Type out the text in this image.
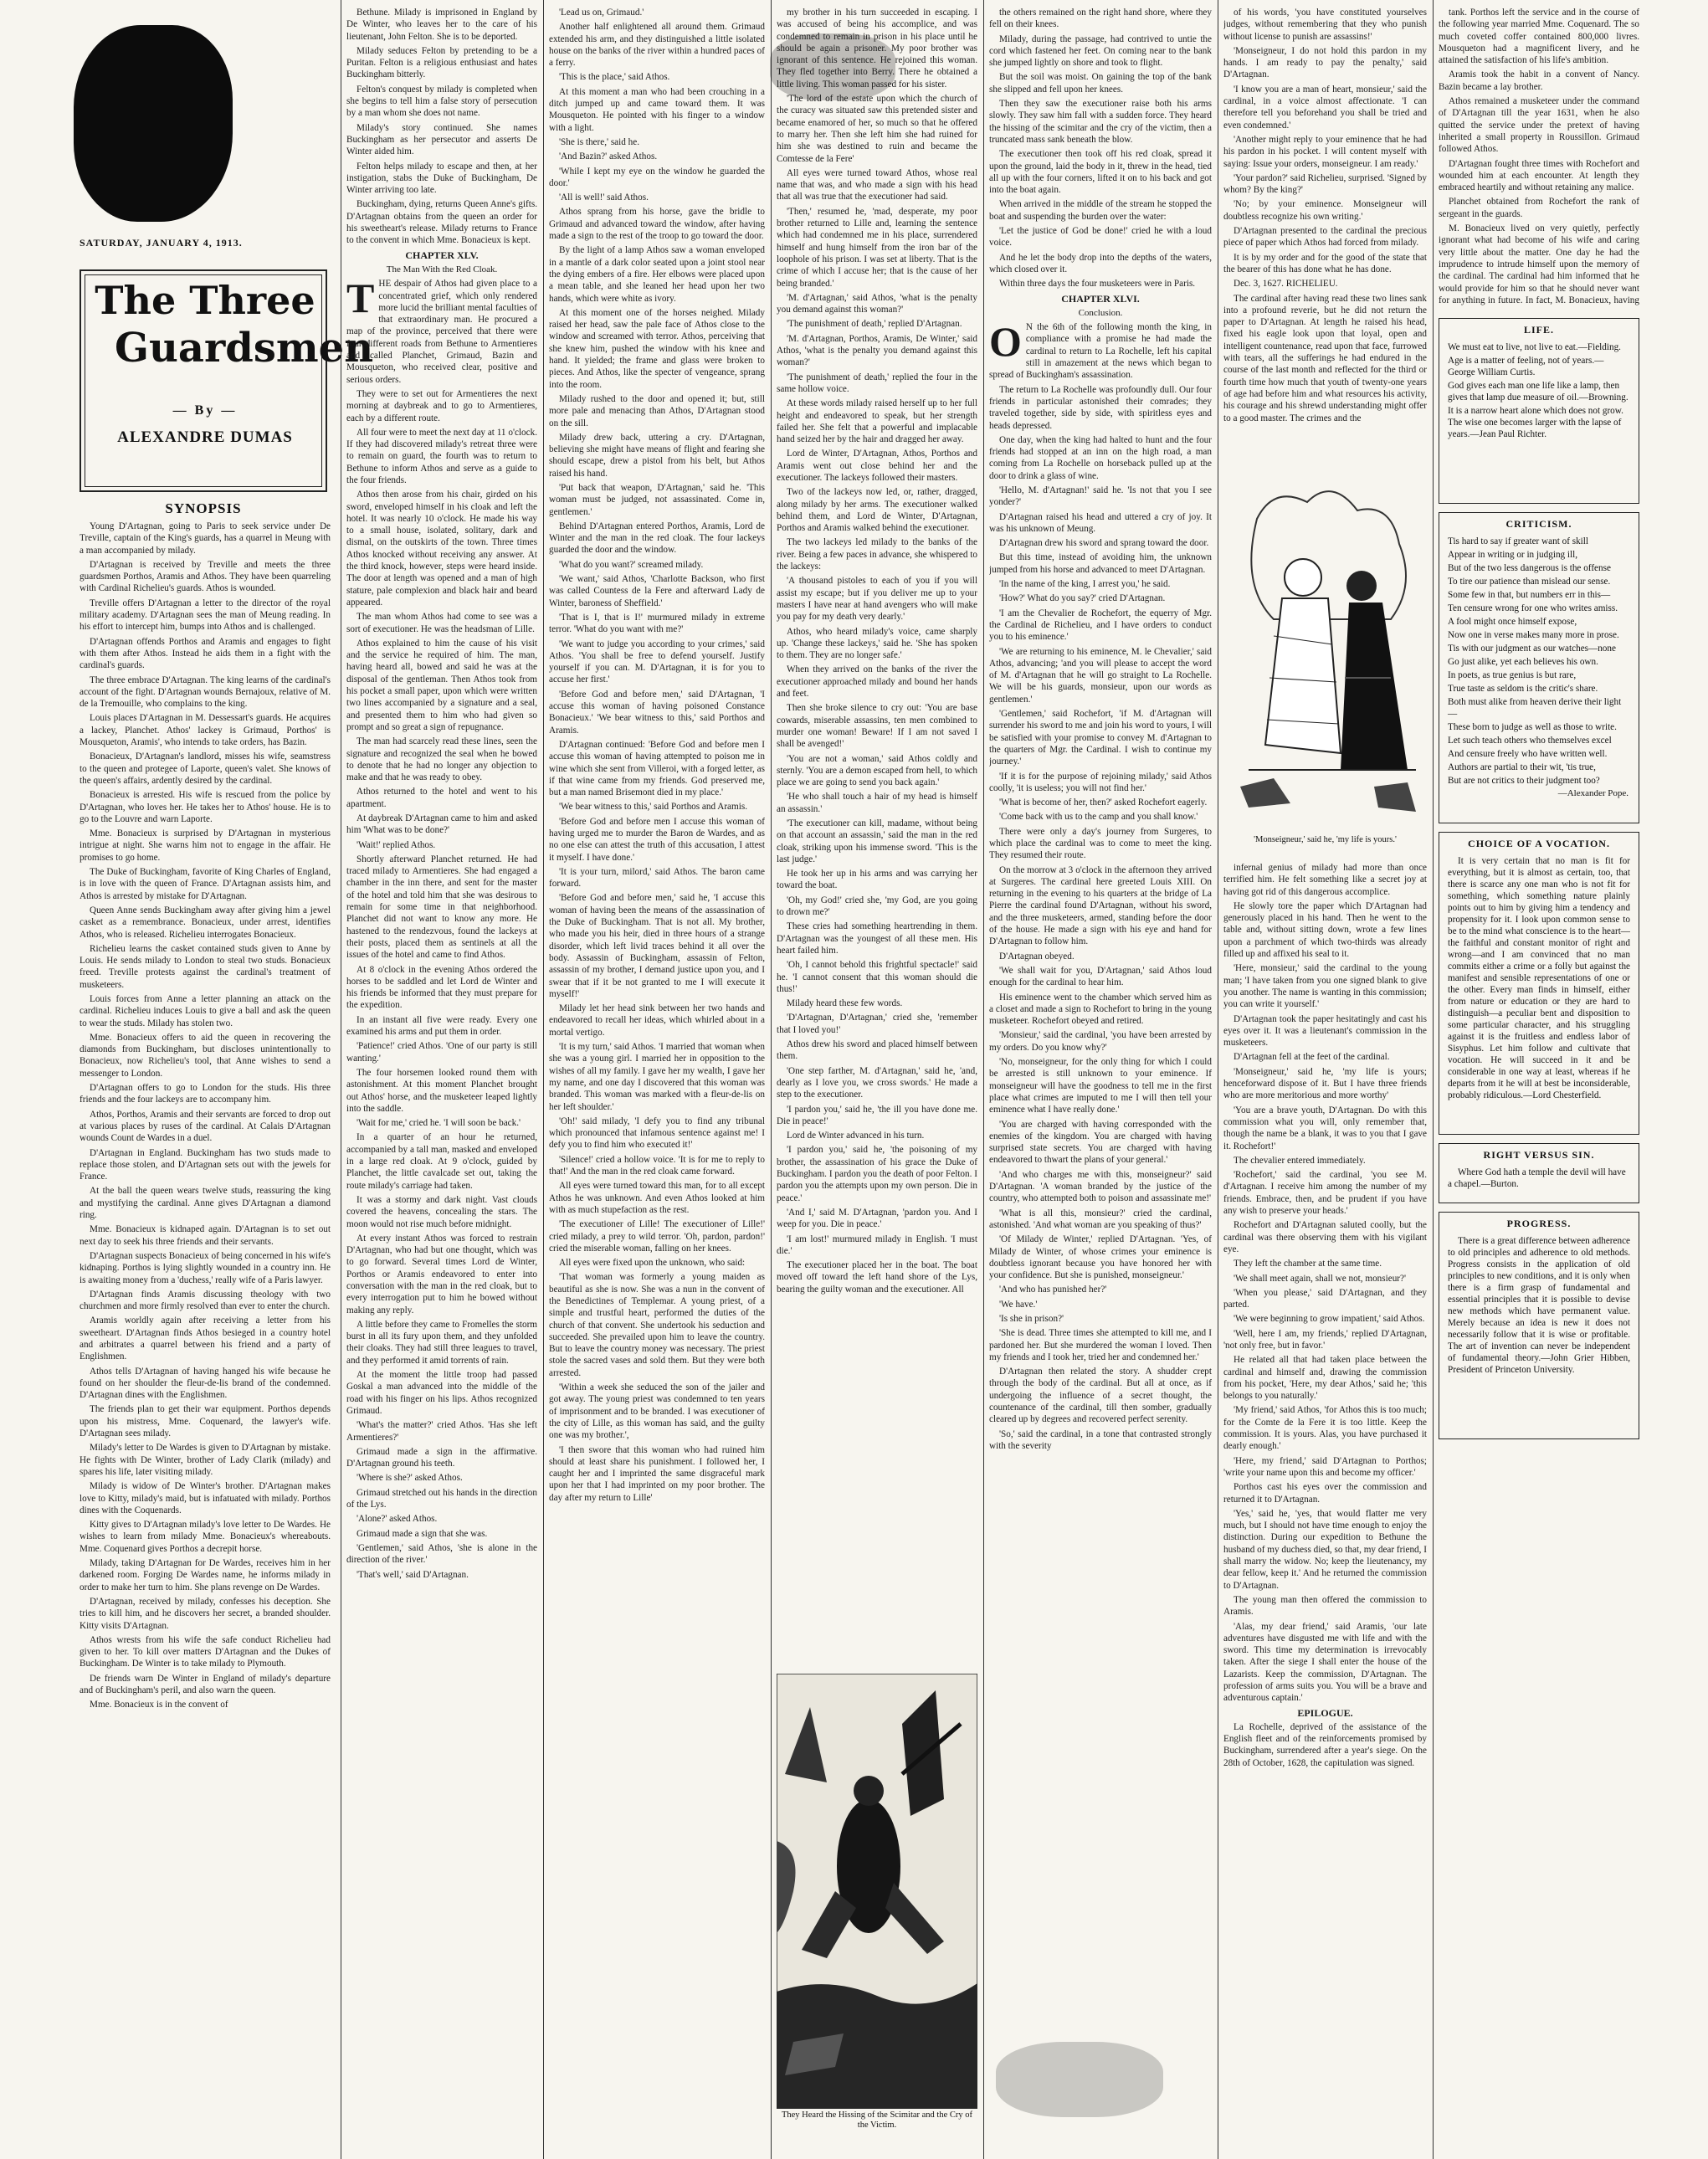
SATURDAY, JANUARY 4, 1913.
The Three
Guardsmen
— By —
ALEXANDRE DUMAS
SYNOPSIS

Young D'Artagnan, going to Paris to seek service under De Treville, captain of the King's guards, has a quarrel in Meung with a man accompanied by milady.

D'Artagnan is received by Treville and meets the three guardsmen Porthos, Aramis and Athos. They have been quarreling with Cardinal Richelieu's guards. Athos is wounded.

Treville offers D'Artagnan a letter to the director of the royal military academy. D'Artagnan sees the man of Meung reading. In his effort to intercept him, bumps into Athos and is challenged.

D'Artagnan offends Porthos and Aramis and engages to fight with them after Athos. Instead he aids them in a fight with the cardinal's guards.

The three embrace D'Artagnan. The king learns of the cardinal's account of the fight. D'Artagnan wounds Bernajoux, relative of M. de la Tremouille, who complains to the king.

Louis places D'Artagnan in M. Dessessart's guards. He acquires a lackey, Planchet. Athos' lackey is Grimaud, Porthos' is Mousqueton, Aramis', who intends to take orders, has Bazin.

Bonacieux, D'Artagnan's landlord, misses his wife, seamstress to the queen and protegee of Laporte, queen's valet. She knows of the queen's affairs, ardently desired by the cardinal.

Bonacieux is arrested. His wife is rescued from the police by D'Artagnan, who loves her. He takes her to Athos' house. He is to go to the Louvre and warn Laporte.

Mme. Bonacieux is surprised by D'Artagnan in mysterious intrigue at night. She warns him not to engage in the affair. He promises to go home.

The Duke of Buckingham, favorite of King Charles of England, is in love with the queen of France. D'Artagnan assists him, and Athos is arrested by mistake for D'Artagnan.

Queen Anne sends Buckingham away after giving him a jewel casket as a remembrance. Bonacieux, under arrest, identifies Athos, who is released. Richelieu interrogates Bonacieux.

Richelieu learns the casket contained studs given to Anne by Louis. He sends milady to London to steal two studs. Bonacieux freed. Treville protests against the cardinal's treatment of musketeers.

Louis forces from Anne a letter planning an attack on the cardinal. Richelieu induces Louis to give a ball and ask the queen to wear the studs. Milady has stolen two.

Mme. Bonacieux offers to aid the queen in recovering the diamonds from Buckingham, but discloses unintentionally to Bonacieux, now Richelieu's tool, that Anne wishes to send a messenger to London.

D'Artagnan offers to go to London for the studs. His three friends and the four lackeys are to accompany him.

Athos, Porthos, Aramis and their servants are forced to drop out at various places by ruses of the cardinal. At Calais D'Artagnan wounds Count de Wardes in a duel.

D'Artagnan in England. Buckingham has two studs made to replace those stolen, and D'Artagnan sets out with the jewels for France.

At the ball the queen wears twelve studs, reassuring the king and mystifying the cardinal. Anne gives D'Artagnan a diamond ring.

Mme. Bonacieux is kidnaped again. D'Artagnan is to set out next day to seek his three friends and their servants.

D'Artagnan suspects Bonacieux of being concerned in his wife's kidnaping. Porthos is lying slightly wounded in a country inn. He is awaiting money from a 'duchess,' really wife of a Paris lawyer.

D'Artagnan finds Aramis discussing theology with two churchmen and more firmly resolved than ever to enter the church.

Aramis worldly again after receiving a letter from his sweetheart. D'Artagnan finds Athos besieged in a country hotel and arbitrates a quarrel between his friend and a party of Englishmen.

Athos tells D'Artagnan of having hanged his wife because he found on her shoulder the fleur-de-lis brand of the condemned. D'Artagnan dines with the Englishmen.

The friends plan to get their war equipment. Porthos depends upon his mistress, Mme. Coquenard, the lawyer's wife. D'Artagnan sees milady.

Milady's letter to De Wardes is given to D'Artagnan by mistake. He fights with De Winter, brother of Lady Clarik (milady) and spares his life, later visiting milady.

Milady is widow of De Winter's brother. D'Artagnan makes love to Kitty, milady's maid, but is infatuated with milady. Porthos dines with the Coquenards.

Kitty gives to D'Artagnan milady's love letter to De Wardes. He wishes to learn from milady Mme. Bonacieux's whereabouts. Mme. Coquenard gives Porthos a decrepit horse.

Milady, taking D'Artagnan for De Wardes, receives him in her darkened room. Forging De Wardes name, he informs milady in order to make her turn to him. She plans revenge on De Wardes.

D'Artagnan, received by milady, confesses his deception. She tries to kill him, and he discovers her secret, a branded shoulder. Kitty visits D'Artagnan.

Athos wrests from his wife the safe conduct Richelieu had given to her. To kill over matters D'Artagnan and the Dukes of Buckingham. De Winter is to take milady to Plymouth.

De friends warn De Winter in England of milady's departure and of Buckingham's peril, and also warn the queen.

Mme. Bonacieux is in the convent of

Bethune. Milady is imprisoned in England by De Winter, who leaves her to the care of his lieutenant, John Felton. She is to be deported.

Milady seduces Felton by pretending to be a Puritan. Felton is a religious enthusiast and hates Buckingham bitterly.

Felton's conquest by milady is completed when she begins to tell him a false story of persecution by a man whom she does not name.

Milady's story continued. She names Buckingham as her persecutor and asserts De Winter aided him.

Felton helps milady to escape and then, at her instigation, stabs the Duke of Buckingham, De Winter arriving too late.

Buckingham, dying, returns Queen Anne's gifts. D'Artagnan obtains from the queen an order for his sweetheart's release. Milady returns to France to the convent in which Mme. Bonacieux is kept.

CHAPTER XLV.

The Man With the Red Cloak.

THE despair of Athos had given place to a concentrated grief, which only rendered more lucid the brilliant mental faculties of that extraordinary man. He procured a map of the province, perceived that there were four different roads from Bethune to Armentieres and called Planchet, Grimaud, Bazin and Mousqueton, who received clear, positive and serious orders.

They were to set out for Armentieres the next morning at daybreak and to go to Armentieres, each by a different route.

All four were to meet the next day at 11 o'clock. If they had discovered milady's retreat three were to remain on guard, the fourth was to return to Bethune to inform Athos and serve as a guide to the four friends.

Athos then arose from his chair, girded on his sword, enveloped himself in his cloak and left the hotel. It was nearly 10 o'clock. He made his way to a small house, isolated, solitary, dark and dismal, on the outskirts of the town. Three times Athos knocked without receiving any answer. At the third knock, however, steps were heard inside. The door at length was opened and a man of high stature, pale complexion and black hair and beard appeared.

The man whom Athos had come to see was a sort of executioner. He was the headsman of Lille.

Athos explained to him the cause of his visit and the service he required of him. The man, having heard all, bowed and said he was at the disposal of the gentleman. Then Athos took from his pocket a small paper, upon which were written two lines accompanied by a signature and a seal, and presented them to him who had given so prompt and so great a sign of repugnance.

The man had scarcely read these lines, seen the signature and recognized the seal when he bowed to denote that he had no longer any objection to make and that he was ready to obey.

Athos returned to the hotel and went to his apartment.

At daybreak D'Artagnan came to him and asked him 'What was to be done?'

'Wait!' replied Athos.

Shortly afterward Planchet returned. He had traced milady to Armentieres. She had engaged a chamber in the inn there, and sent for the master of the hotel and told him that she was desirous to remain for some time in that neighborhood. Planchet did not want to know any more. He hastened to the rendezvous, found the lackeys at their posts, placed them as sentinels at all the issues of the hotel and came to find Athos.

At 8 o'clock in the evening Athos ordered the horses to be saddled and let Lord de Winter and his friends be informed that they must prepare for the expedition.

In an instant all five were ready. Every one examined his arms and put them in order.

'Patience!' cried Athos. 'One of our party is still wanting.'

The four horsemen looked round them with astonishment. At this moment Planchet brought out Athos' horse, and the musketeer leaped lightly into the saddle.

'Wait for me,' cried he. 'I will soon be back.'

In a quarter of an hour he returned, accompanied by a tall man, masked and enveloped in a large red cloak. At 9 o'clock, guided by Planchet, the little cavalcade set out, taking the route milady's carriage had taken.

It was a stormy and dark night. Vast clouds covered the heavens, concealing the stars. The moon would not rise much before midnight.

At every instant Athos was forced to restrain D'Artagnan, who had but one thought, which was to go forward. Several times Lord de Winter, Porthos or Aramis endeavored to enter into conversation with the man in the red cloak, but to every interrogation put to him he bowed without making any reply.

A little before they came to Fromelles the storm burst in all its fury upon them, and they unfolded their cloaks. They had still three leagues to travel, and they performed it amid torrents of rain.

At the moment the little troop had passed Goskal a man advanced into the middle of the road with his finger on his lips. Athos recognized Grimaud.

'What's the matter?' cried Athos. 'Has she left Armentieres?'

Grimaud made a sign in the affirmative. D'Artagnan ground his teeth.

'Where is she?' asked Athos.

Grimaud stretched out his hands in the direction of the Lys.

'Alone?' asked Athos.

Grimaud made a sign that she was.

'Gentlemen,' said Athos, 'she is alone in the direction of the river.'

'That's well,' said D'Artagnan.

'Lead us on, Grimaud.'

Another half enlightened all around them. Grimaud extended his arm, and they distinguished a little isolated house on the banks of the river within a hundred paces of a ferry.

'This is the place,' said Athos.

At this moment a man who had been crouching in a ditch jumped up and came toward them. It was Mousqueton. He pointed with his finger to a window with a light.

'She is there,' said he.

'And Bazin?' asked Athos.

'While I kept my eye on the window he guarded the door.'

'All is well!' said Athos.

Athos sprang from his horse, gave the bridle to Grimaud and advanced toward the window, after having made a sign to the rest of the troop to go toward the door.

By the light of a lamp Athos saw a woman enveloped in a mantle of a dark color seated upon a joint stool near the dying embers of a fire. Her elbows were placed upon a mean table, and she leaned her head upon her two hands, which were white as ivory.

At this moment one of the horses neighed. Milady raised her head, saw the pale face of Athos close to the window and screamed with terror. Athos, perceiving that she knew him, pushed the window with his knee and hand. It yielded; the frame and glass were broken to pieces. And Athos, like the specter of vengeance, sprang into the room.

Milady rushed to the door and opened it; but, still more pale and menacing than Athos, D'Artagnan stood on the sill.

Milady drew back, uttering a cry. D'Artagnan, believing she might have means of flight and fearing she should escape, drew a pistol from his belt, but Athos raised his hand.

'Put back that weapon, D'Artagnan,' said he. 'This woman must be judged, not assassinated. Come in, gentlemen.'

Behind D'Artagnan entered Porthos, Aramis, Lord de Winter and the man in the red cloak. The four lackeys guarded the door and the window.

'What do you want?' screamed milady.

'We want,' said Athos, 'Charlotte Backson, who first was called Countess de la Fere and afterward Lady de Winter, baroness of Sheffield.'

'That is I, that is I!' murmured milady in extreme terror. 'What do you want with me?'

'We want to judge you according to your crimes,' said Athos. 'You shall be free to defend yourself. Justify yourself if you can. M. D'Artagnan, it is for you to accuse her first.'

'Before God and before men,' said D'Artagnan, 'I accuse this woman of having poisoned Constance Bonacieux.' 'We bear witness to this,' said Porthos and Aramis.

D'Artagnan continued: 'Before God and before men I accuse this woman of having attempted to poison me in wine which she sent from Villeroi, with a forged letter, as if that wine came from my friends. God preserved me, but a man named Brisemont died in my place.'

'We bear witness to this,' said Porthos and Aramis.

'Before God and before men I accuse this woman of having urged me to murder the Baron de Wardes, and as no one else can attest the truth of this accusation, I attest it myself. I have done.'

'It is your turn, milord,' said Athos. The baron came forward.

'Before God and before men,' said he, 'I accuse this woman of having been the means of the assassination of the Duke of Buckingham. That is not all. My brother, who made you his heir, died in three hours of a strange disorder, which left livid traces behind it all over the body. Assassin of Buckingham, assassin of Felton, assassin of my brother, I demand justice upon you, and I swear that if it be not granted to me I will execute it myself!'

Milady let her head sink between her two hands and endeavored to recall her ideas, which whirled about in a mortal vertigo.

'It is my turn,' said Athos. 'I married that woman when she was a young girl. I married her in opposition to the wishes of all my family. I gave her my wealth, I gave her my name, and one day I discovered that this woman was branded. This woman was marked with a fleur-de-lis on her left shoulder.'

'Oh!' said milady, 'I defy you to find any tribunal which pronounced that infamous sentence against me! I defy you to find him who executed it!'

'Silence!' cried a hollow voice. 'It is for me to reply to that!' And the man in the red cloak came forward.

All eyes were turned toward this man, for to all except Athos he was unknown. And even Athos looked at him with as much stupefaction as the rest.

'The executioner of Lille! The executioner of Lille!' cried milady, a prey to wild terror. 'Oh, pardon, pardon!' cried the miserable woman, falling on her knees.

All eyes were fixed upon the unknown, who said:

'That woman was formerly a young maiden as beautiful as she is now. She was a nun in the convent of the Benedictines of Templemar. A young priest, of a simple and trustful heart, performed the duties of the church of that convent. She undertook his seduction and succeeded. She prevailed upon him to leave the country. But to leave the country money was necessary. The priest stole the sacred vases and sold them. But they were both arrested.

'Within a week she seduced the son of the jailer and got away. The young priest was condemned to ten years of imprisonment and to be branded. I was executioner of the city of Lille, as this woman has said, and the guilty one was my brother.',

'I then swore that this woman who had ruined him should at least share his punishment. I followed her, I caught her and I imprinted the same disgraceful mark upon her that I had imprinted on my poor brother. The day after my return to Lille'

my brother in his turn succeeded in escaping. I was accused of being his accomplice, and was condemned to remain in prison in his place until he should be again a prisoner. My poor brother was ignorant of this sentence. He rejoined this woman. They fled together into Berry. There he obtained a little living. This woman passed for his sister.

'The lord of the estate upon which the church of the curacy was situated saw this pretended sister and became enamored of her, so much so that he offered to marry her. Then she left him she had ruined for him she was destined to ruin and became the Comtesse de la Fere'

All eyes were turned toward Athos, whose real name that was, and who made a sign with his head that all was true that the executioner had said.

'Then,' resumed he, 'mad, desperate, my poor brother returned to Lille and, learning the sentence which had condemned me in his place, surrendered himself and hung himself from the iron bar of the loophole of his prison. I was set at liberty. That is the crime of which I accuse her; that is the cause of her being branded.'

'M. d'Artagnan,' said Athos, 'what is the penalty you demand against this woman?'

'The punishment of death,' replied D'Artagnan.

'M. d'Artagnan, Porthos, Aramis, De Winter,' said Athos, 'what is the penalty you demand against this woman?'

'The punishment of death,' replied the four in the same hollow voice.

At these words milady raised herself up to her full height and endeavored to speak, but her strength failed her. She felt that a powerful and implacable hand seized her by the hair and dragged her away.

Lord de Winter, D'Artagnan, Athos, Porthos and Aramis went out close behind her and the executioner. The lackeys followed their masters.

Two of the lackeys now led, or, rather, dragged, along milady by her arms. The executioner walked behind them, and Lord de Winter, D'Artagnan, Porthos and Aramis walked behind the executioner.

The two lackeys led milady to the banks of the river. Being a few paces in advance, she whispered to the lackeys:

'A thousand pistoles to each of you if you will assist my escape; but if you deliver me up to your masters I have near at hand avengers who will make you pay for my death very dearly.'

Athos, who heard milady's voice, came sharply up. 'Change these lackeys,' said he. 'She has spoken to them. They are no longer safe.'

When they arrived on the banks of the river the executioner approached milady and bound her hands and feet.

Then she broke silence to cry out: 'You are base cowards, miserable assassins, ten men combined to murder one woman! Beware! If I am not saved I shall be avenged!'

'You are not a woman,' said Athos coldly and sternly. 'You are a demon escaped from hell, to which place we are going to send you back again.'

'He who shall touch a hair of my head is himself an assassin.'

'The executioner can kill, madame, without being on that account an assassin,' said the man in the red cloak, striking upon his immense sword. 'This is the last judge.'

He took her up in his arms and was carrying her toward the boat.

'Oh, my God!' cried she, 'my God, are you going to drown me?'

These cries had something heartrending in them. D'Artagnan was the youngest of all these men. His heart failed him.

'Oh, I cannot behold this frightful spectacle!' said he. 'I cannot consent that this woman should die thus!'

Milady heard these few words.

'D'Artagnan, D'Artagnan,' cried she, 'remember that I loved you!'

Athos drew his sword and placed himself between them.

'One step farther, M. d'Artagnan,' said he, 'and, dearly as I love you, we cross swords.' He made a step to the executioner.

'I pardon you,' said he, 'the ill you have done me. Die in peace!'

Lord de Winter advanced in his turn.

'I pardon you,' said he, 'the poisoning of my brother, the assassination of his grace the Duke of Buckingham. I pardon you the death of poor Felton. I pardon you the attempts upon my own person. Die in peace.'

'And I,' said M. D'Artagnan, 'pardon you. And I weep for you. Die in peace.'

'I am lost!' murmured milady in English. 'I must die.'

The executioner placed her in the boat. The boat moved off toward the left hand shore of the Lys, bearing the guilty woman and the executioner. All

They Heard the Hissing of the Scimitar and the Cry of the Victim.

the others remained on the right hand shore, where they fell on their knees.

Milady, during the passage, had contrived to untie the cord which fastened her feet. On coming near to the bank she jumped lightly on shore and took to flight.

But the soil was moist. On gaining the top of the bank she slipped and fell upon her knees.

Then they saw the executioner raise both his arms slowly. They saw him fall with a sudden force. They heard the hissing of the scimitar and the cry of the victim, then a truncated mass sank beneath the blow.

The executioner then took off his red cloak, spread it upon the ground, laid the body in it, threw in the head, tied all up with the four corners, lifted it on to his back and got into the boat again.

When arrived in the middle of the stream he stopped the boat and suspending the burden over the water:

'Let the justice of God be done!' cried he with a loud voice.

And he let the body drop into the depths of the waters, which closed over it.

Within three days the four musketeers were in Paris.

CHAPTER XLVI.

Conclusion.

O N the 6th of the following month the king, in compliance with a promise he had made the cardinal to return to La Rochelle, left his capital still in amazement at the news which began to spread of Buckingham's assassination.

The return to La Rochelle was profoundly dull. Our four friends in particular astonished their comrades; they traveled together, side by side, with spiritless eyes and heads depressed.

One day, when the king had halted to hunt and the four friends had stopped at an inn on the high road, a man coming from La Rochelle on horseback pulled up at the door to drink a glass of wine.

'Hello, M. d'Artagnan!' said he. 'Is not that you I see yonder?'

D'Artagnan raised his head and uttered a cry of joy. It was his unknown of Meung.

D'Artagnan drew his sword and sprang toward the door.

But this time, instead of avoiding him, the unknown jumped from his horse and advanced to meet D'Artagnan.

'In the name of the king, I arrest you,' he said.

'How?' What do you say?' cried D'Artagnan.

'I am the Chevalier de Rochefort, the equerry of Mgr. the Cardinal de Richelieu, and I have orders to conduct you to his eminence.'

'We are returning to his eminence, M. le Chevalier,' said Athos, advancing; 'and you will please to accept the word of M. d'Artagnan that he will go straight to La Rochelle. We will be his guards, monsieur, upon our words as gentlemen.'

'Gentlemen,' said Rochefort, 'if M. d'Artagnan will surrender his sword to me and join his word to yours, I will be satisfied with your promise to convey M. d'Artagnan to the quarters of Mgr. the Cardinal. I wish to continue my journey.'

'If it is for the purpose of rejoining milady,' said Athos coolly, 'it is useless; you will not find her.'

'What is become of her, then?' asked Rochefort eagerly.

'Come back with us to the camp and you shall know.'

There were only a day's journey from Surgeres, to which place the cardinal was to come to meet the king. They resumed their route.

On the morrow at 3 o'clock in the afternoon they arrived at Surgeres. The cardinal here greeted Louis XIII. On returning in the evening to his quarters at the bridge of La Pierre the cardinal found D'Artagnan, without his sword, and the three musketeers, armed, standing before the door of the house. He made a sign with his eye and hand for D'Artagnan to follow him.

D'Artagnan obeyed.

'We shall wait for you, D'Artagnan,' said Athos loud enough for the cardinal to hear him.

His eminence went to the chamber which served him as a closet and made a sign to Rochefort to bring in the young musketeer. Rochefort obeyed and retired.

'Monsieur,' said the cardinal, 'you have been arrested by my orders. Do you know why?'

'No, monseigneur, for the only thing for which I could be arrested is still unknown to your eminence. If monseigneur will have the goodness to tell me in the first place what crimes are imputed to me I will then tell your eminence what I have really done.'

'You are charged with having corresponded with the enemies of the kingdom. You are charged with having surprised state secrets. You are charged with having endeavored to thwart the plans of your general.'

'And who charges me with this, monseigneur?' said D'Artagnan. 'A woman branded by the justice of the country, who attempted both to poison and assassinate me!'

'What is all this, monsieur?' cried the cardinal, astonished. 'And what woman are you speaking of thus?'

'Of Milady de Winter,' replied D'Artagnan. 'Yes, of Milady de Winter, of whose crimes your eminence is doubtless ignorant because you have honored her with your confidence. But she is punished, monseigneur.'

'And who has punished her?'

'We have.'

'Is she in prison?'

'She is dead. Three times she attempted to kill me, and I pardoned her. But she murdered the woman I loved. Then my friends and I took her, tried her and condemned her.'

D'Artagnan then related the story. A shudder crept through the body of the cardinal. But all at once, as if undergoing the influence of a secret thought, the countenance of the cardinal, till then somber, gradually cleared up by degrees and recovered perfect serenity.

'So,' said the cardinal, in a tone that contrasted strongly with the severity

of his words, 'you have constituted yourselves judges, without remembering that they who punish without license to punish are assassins!'

'Monseigneur, I do not hold this pardon in my hands. I am ready to pay the penalty,' said D'Artagnan.

'I know you are a man of heart, monsieur,' said the cardinal, in a voice almost affectionate. 'I can therefore tell you beforehand you shall be tried and even condemned.'

'Another might reply to your eminence that he had his pardon in his pocket. I will content myself with saying: Issue your orders, monseigneur. I am ready.'

'Your pardon?' said Richelieu, surprised. 'Signed by whom? By the king?'

'No; by your eminence. Monseigneur will doubtless recognize his own writing.'

D'Artagnan presented to the cardinal the precious piece of paper which Athos had forced from milady.

It is by my order and for the good of the state that the bearer of this has done what he has done.

Dec. 3, 1627. RICHELIEU.

The cardinal after having read these two lines sank into a profound reverie, but he did not return the paper to D'Artagnan. At length he raised his head, fixed his eagle look upon that loyal, open and intelligent countenance, read upon that face, furrowed with tears, all the sufferings he had endured in the course of the last month and reflected for the third or fourth time how much that youth of twenty-one years of age had before him and what resources his activity, his courage and his shrewd understanding might offer to a good master. The crimes and the

'Monseigneur,' said he, 'my life is yours.'

infernal genius of milady had more than once terrified him. He felt something like a secret joy at having got rid of this dangerous accomplice.

He slowly tore the paper which D'Artagnan had generously placed in his hand. Then he went to the table and, without sitting down, wrote a few lines upon a parchment of which two-thirds was already filled up and affixed his seal to it.

'Here, monsieur,' said the cardinal to the young man; 'I have taken from you one signed blank to give you another. The name is wanting in this commission; you can write it yourself.'

D'Artagnan took the paper hesitatingly and cast his eyes over it. It was a lieutenant's commission in the musketeers.

D'Artagnan fell at the feet of the cardinal.

'Monseigneur,' said he, 'my life is yours; henceforward dispose of it. But I have three friends who are more meritorious and more worthy'

'You are a brave youth, D'Artagnan. Do with this commission what you will, only remember that, though the name be a blank, it was to you that I gave it. Rochefort!'

The chevalier entered immediately.

'Rochefort,' said the cardinal, 'you see M. d'Artagnan. I receive him among the number of my friends. Embrace, then, and be prudent if you have any wish to preserve your heads.'

Rochefort and D'Artagnan saluted coolly, but the cardinal was there observing them with his vigilant eye.

They left the chamber at the same time.

'We shall meet again, shall we not, monsieur?'

'When you please,' said D'Artagnan, and they parted.

'We were beginning to grow impatient,' said Athos.

'Well, here I am, my friends,' replied D'Artagnan, 'not only free, but in favor.'

He related all that had taken place between the cardinal and himself and, drawing the commission from his pocket, 'Here, my dear Athos,' said he; 'this belongs to you naturally.'

'My friend,' said Athos, 'for Athos this is too much; for the Comte de la Fere it is too little. Keep the commission. It is yours. Alas, you have purchased it dearly enough.'

'Here, my friend,' said D'Artagnan to Porthos; 'write your name upon this and become my officer.'

Porthos cast his eyes over the commission and returned it to D'Artagnan.

'Yes,' said he, 'yes, that would flatter me very much, but I should not have time enough to enjoy the distinction. During our expedition to Bethune the husband of my duchess died, so that, my dear friend, I shall marry the widow. No; keep the lieutenancy, my dear fellow, keep it.' And he returned the commission to D'Artagnan.

The young man then offered the commission to Aramis.

'Alas, my dear friend,' said Aramis, 'our late adventures have disgusted me with life and with the sword. This time my determination is irrevocably taken. After the siege I shall enter the house of the Lazarists. Keep the commission, D'Artagnan. The profession of arms suits you. You will be a brave and adventurous captain.'

EPILOGUE.

La Rochelle, deprived of the assistance of the English fleet and of the reinforcements promised by Buckingham, surrendered after a year's siege. On the 28th of October, 1628, the capitulation was signed.

tank. Porthos left the service and in the course of the following year married Mme. Coquenard. The so much coveted coffer contained 800,000 livres. Mousqueton had a magnificent livery, and he attained the satisfaction of his life's ambition.

Aramis took the habit in a convent of Nancy. Bazin became a lay brother.

Athos remained a musketeer under the command of D'Artagnan till the year 1631, when he also quitted the service under the pretext of having inherited a small property in Roussillon. Grimaud followed Athos.

D'Artagnan fought three times with Rochefort and wounded him at each encounter. At length they embraced heartily and without retaining any malice.

Planchet obtained from Rochefort the rank of sergeant in the guards.

M. Bonacieux lived on very quietly, perfectly ignorant what had become of his wife and caring very little about the matter. One day he had the imprudence to intrude himself upon the memory of the cardinal. The cardinal had him informed that he would provide for him so that he should never want for anything in future. In fact, M. Bonacieux, having

LIFE.
We must eat to live, not live to eat.—Fielding.
Age is a matter of feeling, not of years.—George William Curtis.
God gives each man one life like a lamp, then gives that lamp due measure of oil.—Browning.
It is a narrow heart alone which does not grow. The wise one becomes larger with the lapse of years.—Jean Paul Richter.
CRITICISM.
Tis hard to say if greater want of skill
Appear in writing or in judging ill,
But of the two less dangerous is the offense
To tire our patience than mislead our sense.
Some few in that, but numbers err in this—
Ten censure wrong for one who writes amiss.
A fool might once himself expose,
Now one in verse makes many more in prose.
Tis with our judgment as our watches—none
Go just alike, yet each believes his own.
In poets, as true genius is but rare,
True taste as seldom is the critic's share.
Both must alike from heaven derive their light—
These born to judge as well as those to write.
Let such teach others who themselves excel
And censure freely who have written well.
Authors are partial to their wit, 'tis true,
But are not critics to their judgment too?
—Alexander Pope.
CHOICE OF A VOCATION.
It is very certain that no man is fit for everything, but it is almost as certain, too, that there is scarce any one man who is not fit for something, which something nature plainly points out to him by giving him a tendency and propensity for it. I look upon common sense to be to the mind what conscience is to the heart—the faithful and constant monitor of right and wrong—and I am convinced that no man commits either a crime or a folly but against the manifest and sensible representations of one or the other. Every man finds in himself, either from nature or education or they are hard to distinguish—a peculiar bent and disposition to some particular character, and his struggling against it is the fruitless and endless labor of Sisyphus. Let him follow and cultivate that vocation. He will succeed in it and be considerable in one way at least, whereas if he departs from it he will at best be inconsiderable, probably ridiculous.—Lord Chesterfield.
RIGHT VERSUS SIN.
Where God hath a temple the devil will have a chapel.—Burton.
PROGRESS.
There is a great difference between adherence to old principles and adherence to old methods. Progress consists in the application of old principles to new conditions, and it is only when there is a firm grasp of fundamental and essential principles that it is possible to devise new methods which have permanent value. Merely because an idea is new it does not necessarily follow that it is wise or profitable. The art of invention can never be independent of fundamental theory.—John Grier Hibben, President of Princeton University.
